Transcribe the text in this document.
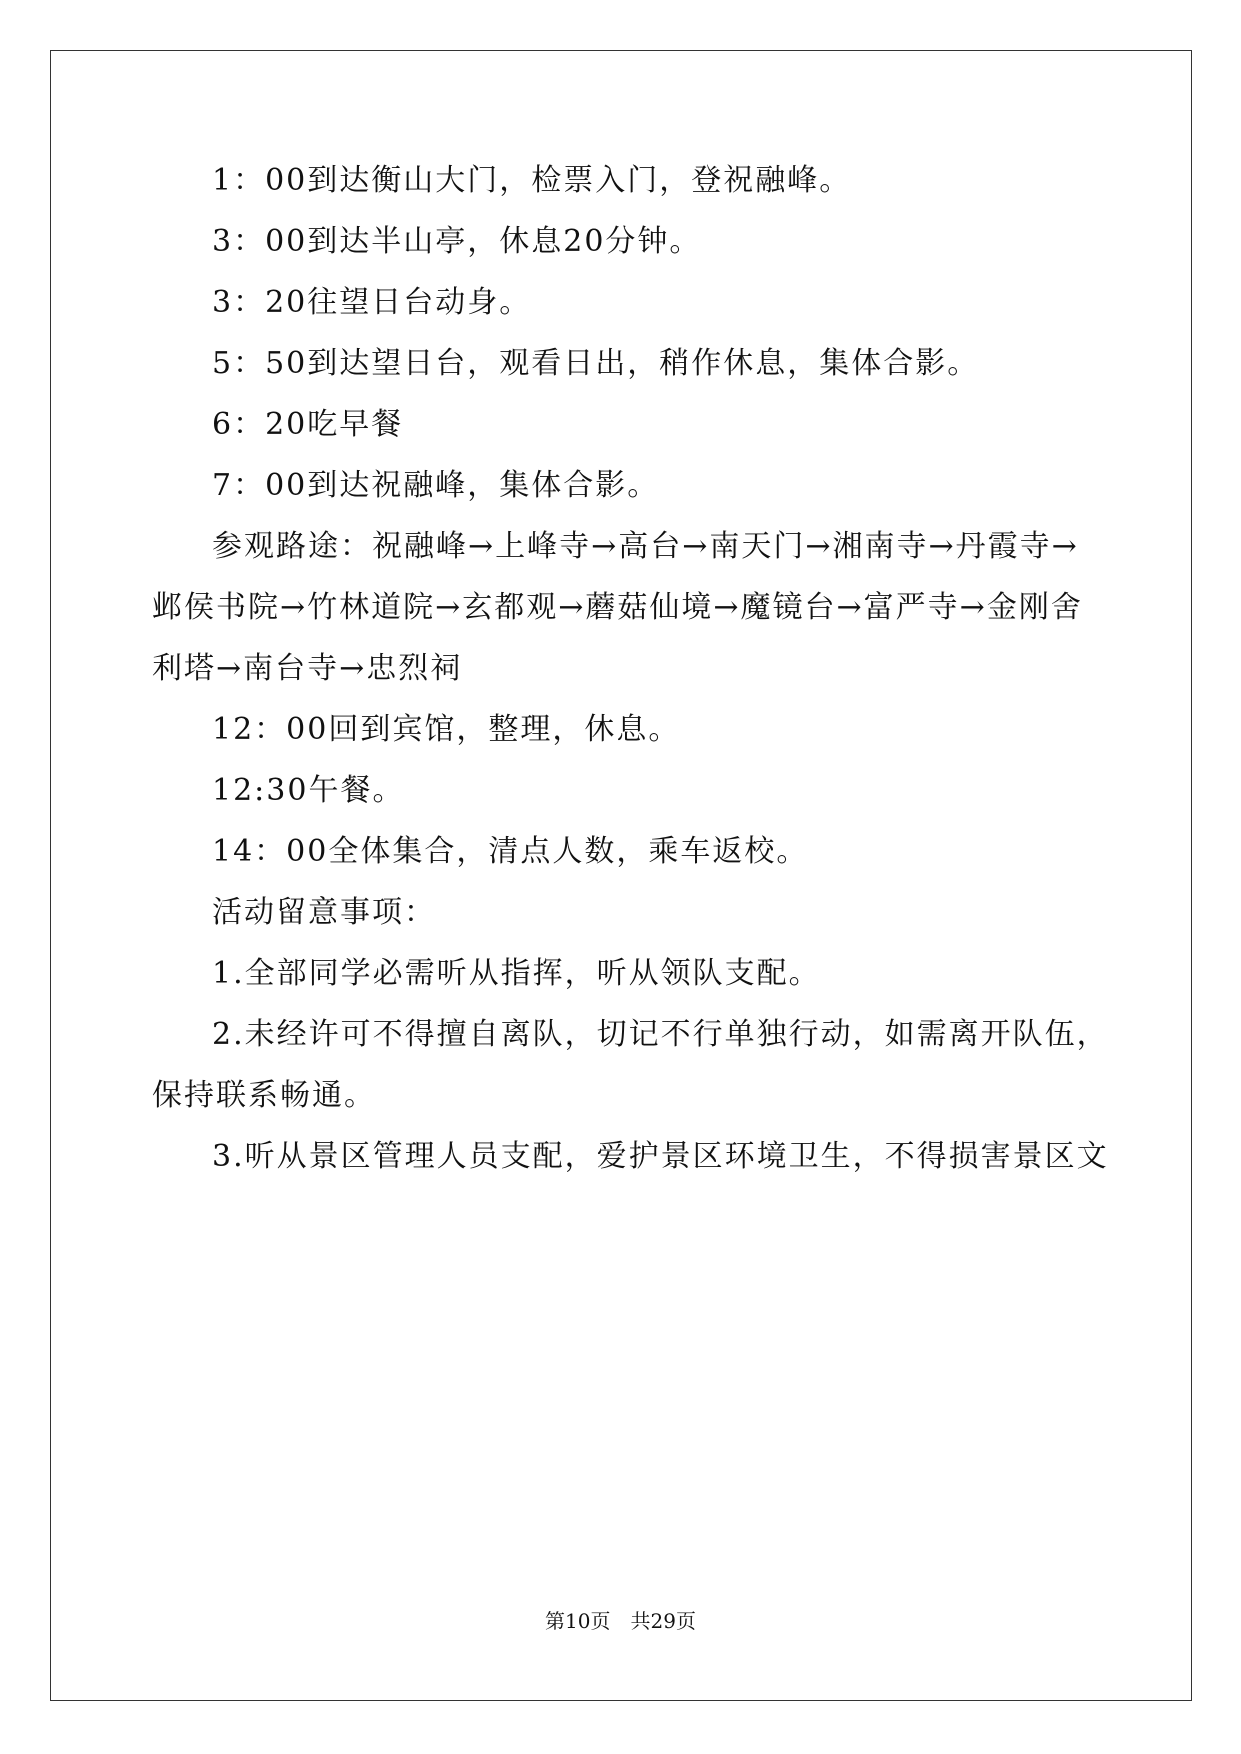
1：00到达衡山大门，检票入门，登祝融峰。
3：00到达半山亭，休息20分钟。
3：20往望日台动身。
5：50到达望日台，观看日出，稍作休息，集体合影。
6：20吃早餐
7：00到达祝融峰，集体合影。
参观路途：祝融峰→上峰寺→高台→南天门→湘南寺→丹霞寺→
邺侯书院→竹林道院→玄都观→蘑菇仙境→魔镜台→富严寺→金刚舍
利塔→南台寺→忠烈祠
12：00回到宾馆，整理，休息。
12:30午餐。
14：00全体集合，清点人数，乘车返校。
活动留意事项：
1.全部同学必需听从指挥，听从领队支配。
2.未经许可不得擅自离队，切记不行单独行动，如需离开队伍，
保持联系畅通。
3.听从景区管理人员支配，爱护景区环境卫生，不得损害景区文
第10页　共29页
